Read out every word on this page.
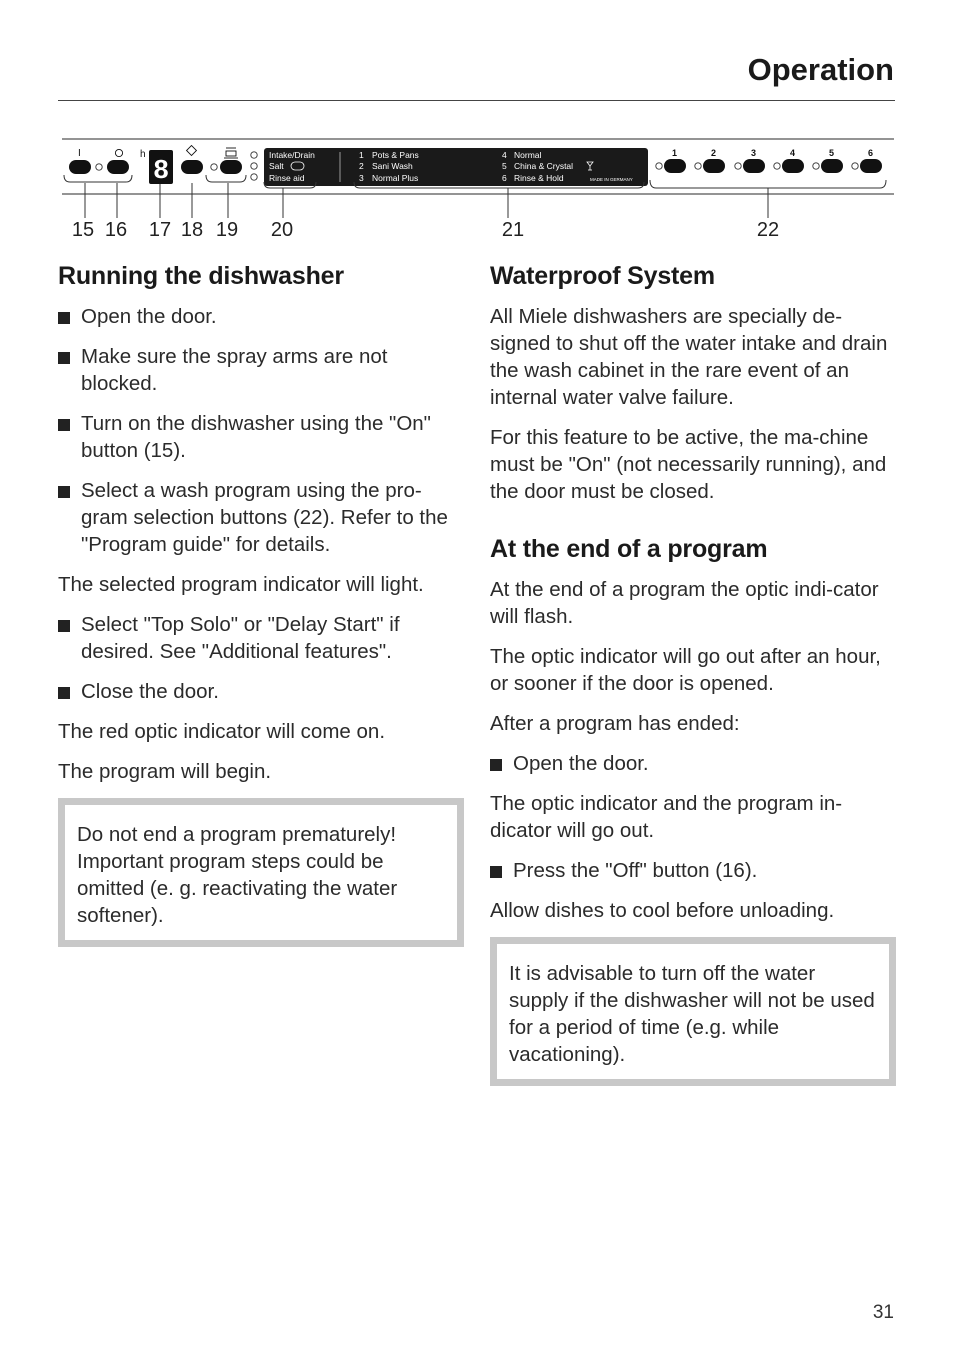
Operation
I
8
h	Intake/Drain
Salt
Rinse aid
1 Pots & Pans
2 Sani Wash
3 Normal Plus
4 Normal
5 China & Crystal
6 Rinse & Hold	MADE IN GERMANY
1	2	3	4	5	6
15 16 17 18 19 20	21	22
Running the dishwasher

Open the door.

Make sure the spray arms are not blocked.

Turn on the dishwasher using the "On" button (15).

Select a wash program using the pro-gram selection buttons (22). Refer to the "Program guide" for details.

The selected program indicator will light.

Select "Top Solo" or "Delay Start" if desired. See "Additional features".

Close the door.

The red optic indicator will come on.

The program will begin.

Do not end a program prematurely! Important program steps could be omitted (e. g. reactivating the water softener).

Waterproof System

All Miele dishwashers are specially de-signed to shut off the water intake and drain the wash cabinet in the rare event of an internal water valve failure.

For this feature to be active, the ma-chine must be "On" (not necessarily running), and the door must be closed.

At the end of a program

At the end of a program the optic indi-cator will flash.

The optic indicator will go out after an hour, or sooner if the door is opened.

After a program has ended:

Open the door.

The optic indicator and the program in-dicator will go out.

Press the "Off" button (16).

Allow dishes to cool before unloading.

It is advisable to turn off the water supply if the dishwasher will not be used for a period of time (e.g. while vacationing).

31
